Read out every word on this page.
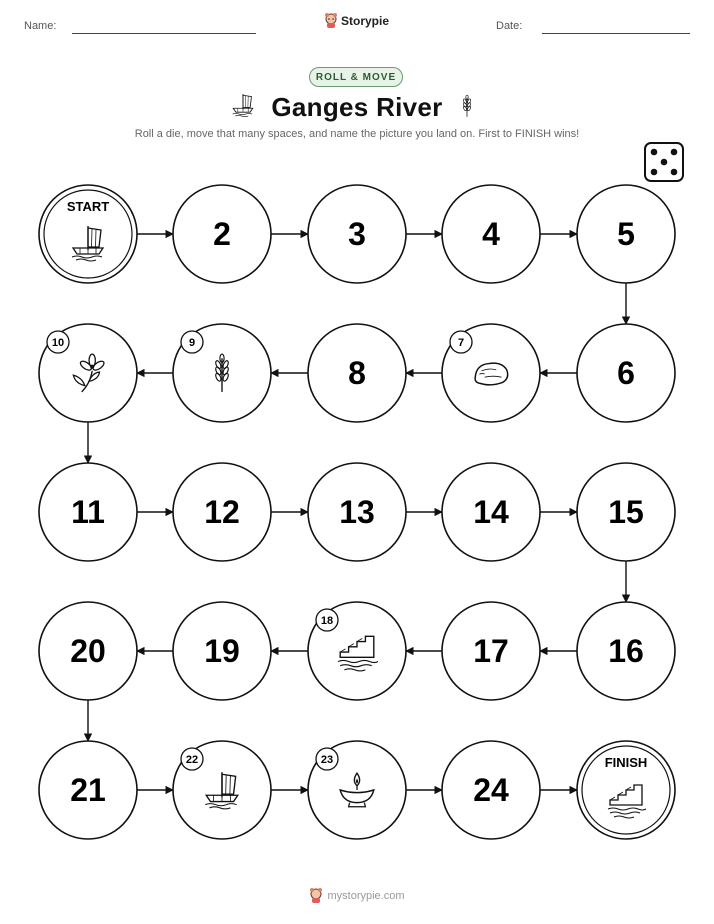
Name:	Storypie	Date:
ROLL & MOVE
Ganges River
Roll a die, move that many spaces, and name the picture you land on. First to FINISH wins!
START
2	3	4	5
6
7
8
9
10
11	12	13	14	15
16
17
18
19
20
21
22	23
24
FINISH
mystorypie.com
